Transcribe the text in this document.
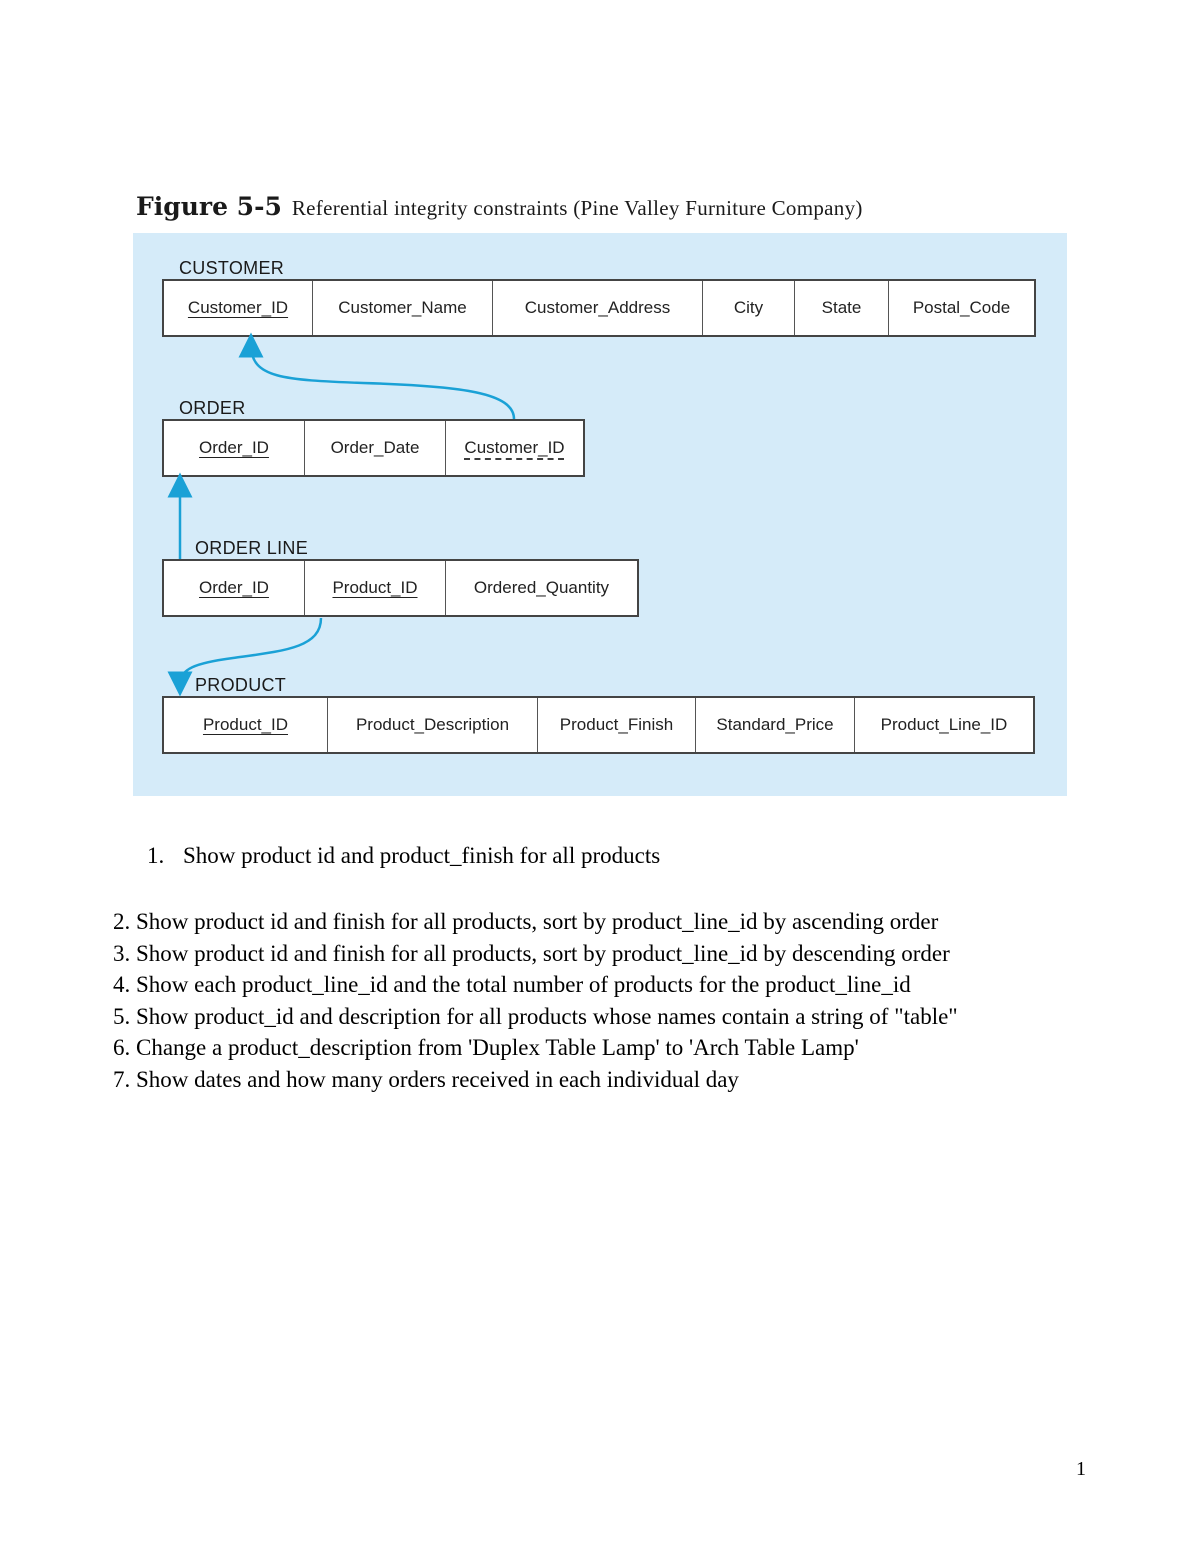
Figure 5-5 Referential integrity constraints (Pine Valley Furniture Company)
CUSTOMER
Customer_ID	Customer_Name	Customer_Address	City	State	Postal_Code
ORDER
Order_ID	Order_Date	Customer_ID
ORDER LINE
Order_ID	Product_ID	Ordered_Quantity
PRODUCT
Product_ID	Product_Description	Product_Finish	Standard_Price	Product_Line_ID
1. Show product id and product_finish for all products
2. Show product id and finish for all products, sort by product_line_id by ascending order
3. Show product id and finish for all products, sort by product_line_id by descending order
4. Show each product_line_id and the total number of products for the product_line_id
5. Show product_id and description for all products whose names contain a string of "table"
6. Change a product_description from 'Duplex Table Lamp' to 'Arch Table Lamp'
7. Show dates and how many orders received in each individual day
1
